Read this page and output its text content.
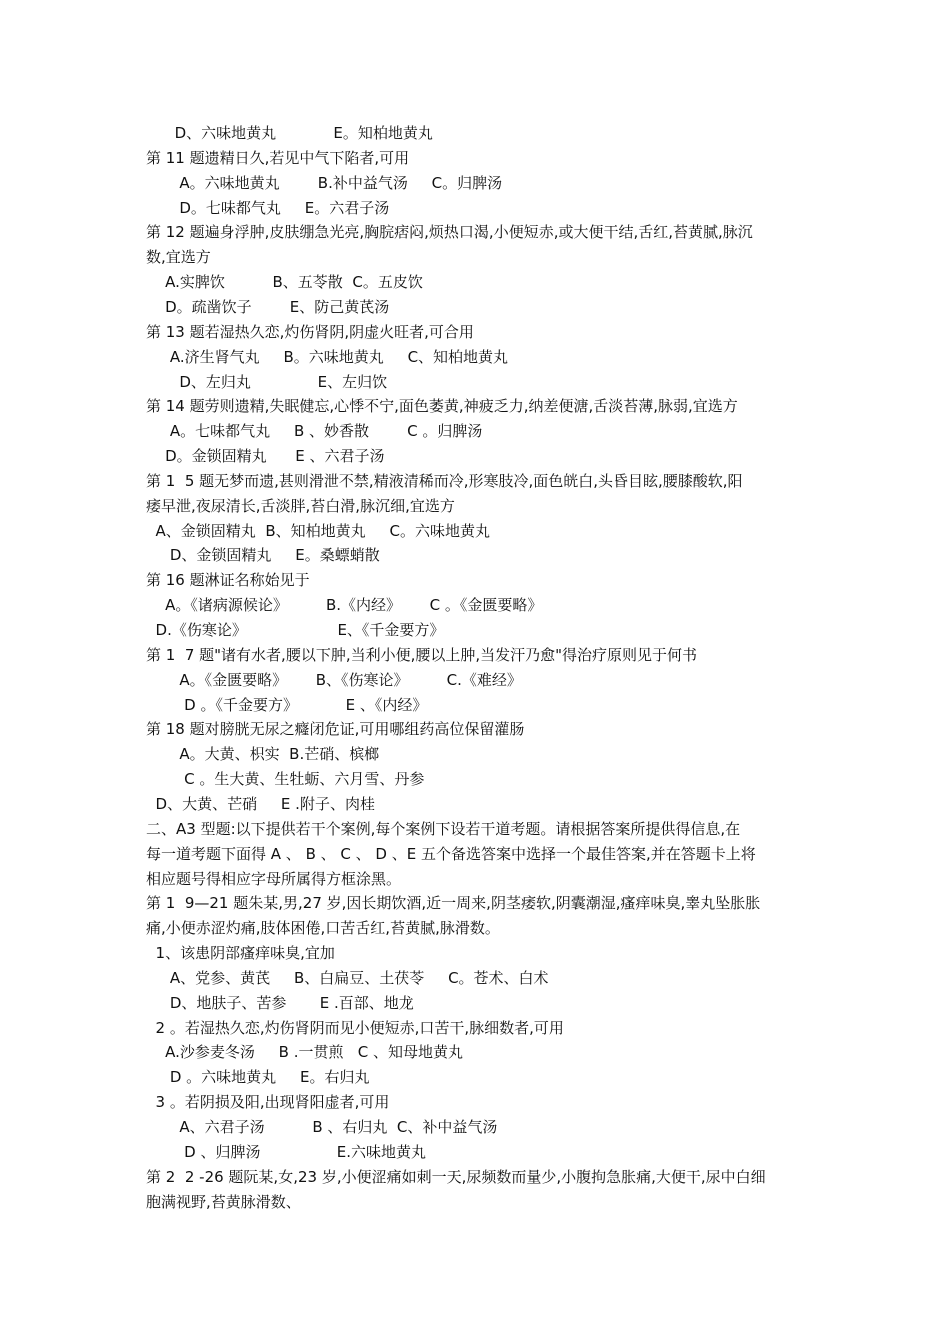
D、六味地黄丸            E。知柏地黄丸
第 11 题遗精日久,若见中气下陷者,可用
A。六味地黄丸        B.补中益气汤     C。归脾汤
D。七味都气丸     E。六君子汤
第 12 题遍身浮肿,皮肤绷急光亮,胸脘痞闷,烦热口渴,小便短赤,或大便干结,舌红,苔黄腻,脉沉
数,宜选方
A.实脾饮          B、五苓散  C。五皮饮
D。疏凿饮子        E、防己黄芪汤
第 13 题若湿热久恋,灼伤肾阴,阴虚火旺者,可合用
A.济生肾气丸     B。六味地黄丸     C、知柏地黄丸
D、左归丸              E、左归饮
第 14 题劳则遗精,失眠健忘,心悸不宁,面色萎黄,神疲乏力,纳差便溏,舌淡苔薄,脉弱,宜选方
A。七味都气丸     B 、妙香散        C 。归脾汤
D。金锁固精丸      E 、六君子汤
第 1  5 题无梦而遗,甚则滑泄不禁,精液清稀而冷,形寒肢冷,面色㿠白,头昏目眩,腰膝酸软,阳
痿早泄,夜尿清长,舌淡胖,苔白滑,脉沉细,宜选方
A、金锁固精丸  B、知柏地黄丸     C。六味地黄丸
D、金锁固精丸     E。桑螵蛸散
第 16 题淋证名称始见于
A。《诸病源候论》        B.《内经》      C 。《金匮要略》
D.《伤寒论》                   E、《千金要方》
第 1  7 题"诸有水者,腰以下肿,当利小便,腰以上肿,当发汗乃愈"得治疗原则见于何书
A。《金匮要略》      B、《伤寒论》        C.《难经》
D 。《千金要方》          E 、《内经》
第 18 题对膀胱无尿之癃闭危证,可用哪组药高位保留灌肠
A。大黄、枳实  B.芒硝、槟榔
C 。生大黄、生牡蛎、六月雪、丹参
D、大黄、芒硝     E .附子、肉桂
二、A3 型题:以下提供若干个案例,每个案例下设若干道考题。请根据答案所提供得信息,在
每一道考题下面得 A 、 B 、 C 、 D 、E 五个备选答案中选择一个最佳答案,并在答题卡上将
相应题号得相应字母所属得方框涂黑。
第 1  9—21 题朱某,男,27 岁,因长期饮酒,近一周来,阴茎痿软,阴囊潮湿,瘙痒味臭,睾丸坠胀胀
痛,小便赤涩灼痛,肢体困倦,口苦舌红,苔黄腻,脉滑数。
1、该患阴部瘙痒味臭,宜加
A、党参、黄芪     B、白扁豆、土茯苓     C。苍术、白术
D、地肤子、苦参       E .百部、地龙
2 。若湿热久恋,灼伤肾阴而见小便短赤,口苦干,脉细数者,可用
A.沙参麦冬汤     B .一贯煎   C 、知母地黄丸
D 。六味地黄丸     E。右归丸
3 。若阴损及阳,出现肾阳虚者,可用
A、六君子汤          B 、右归丸  C、补中益气汤
D 、归脾汤                E.六味地黄丸
第 2  2 -26 题阮某,女,23 岁,小便涩痛如刺一天,尿频数而量少,小腹拘急胀痛,大便干,尿中白细
胞满视野,苔黄脉滑数、
